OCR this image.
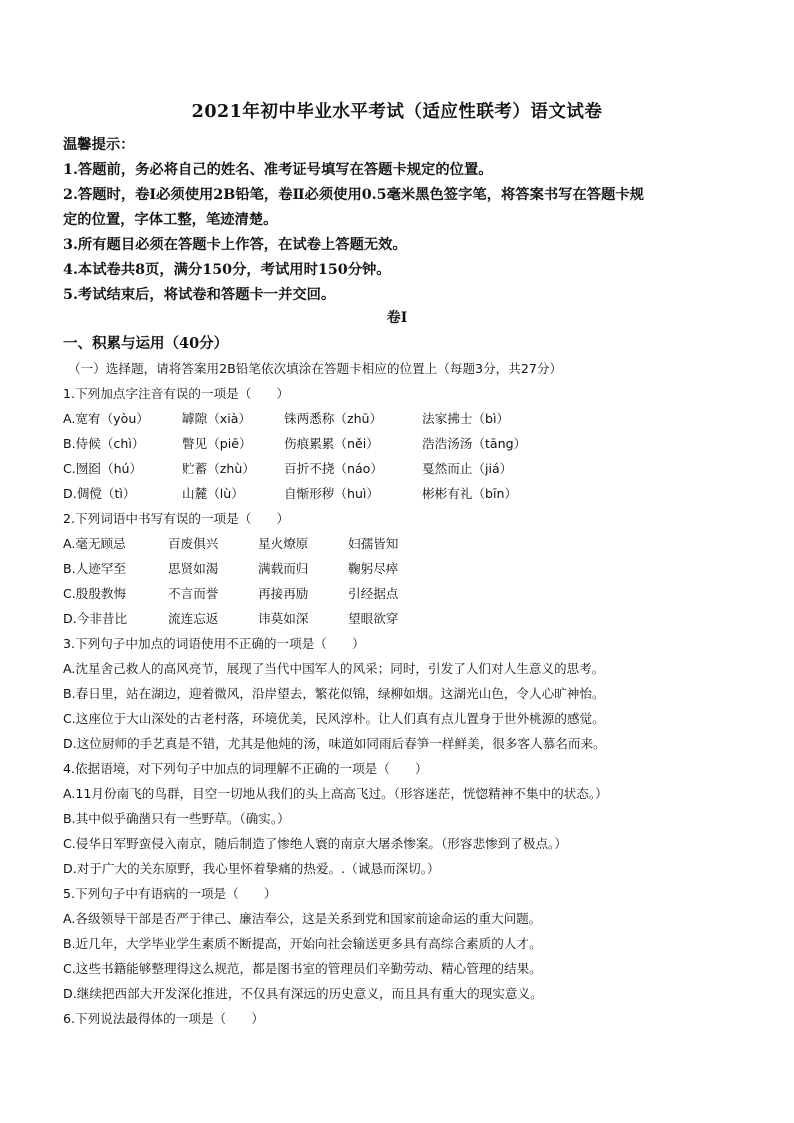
2021年初中毕业水平考试（适应性联考）语文试卷
温馨提示：
1.答题前，务必将自己的姓名、准考证号填写在答题卡规定的位置。
2.答题时，卷Ⅰ必须使用2B铅笔，卷Ⅱ必须使用0.5毫米黑色签字笔，将答案书写在答题卡规
定的位置，字体工整，笔迹清楚。
3.所有题目必须在答题卡上作答，在试卷上答题无效。
4.本试卷共8页，满分150分，考试用时150分钟。
5.考试结束后，将试卷和答题卡一并交回。
卷Ⅰ
一、积累与运用（40分）
（一）选择题，请将答案用2B铅笔依次填涂在答题卡相应的位置上（每题3分，共27分）
1.下列加点字注音有误的一项是（　　）
A.宽宥（yòu）	罅隙（xià）	铢两悉称（zhū）	法家拂士（bì）
B.侍候（chì）	瞥见（piē）	伤痕累累（něi）	浩浩汤汤（tāng）
C.囫囵（hú）	贮蓄（zhù） 百折不挠（náo）	戛然而止（jiá）
D.倜傥（tì）	山麓（lù）	自惭形秽（huì）	彬彬有礼（bīn）
2.下列词语中书写有误的一项是（　　）
A.毫无顾忌	百废俱兴	星火燎原	妇孺皆知
B.人迹罕至	思贤如渴	满载而归	鞠躬尽瘁
C.殷殷教悔	不言而誉	再接再励	引经据点
D.今非昔比	流连忘返	讳莫如深	望眼欲穿
3.下列句子中加点的词语使用不正确的一项是（　　）
A.沈星舍己救人的高风亮节，展现了当代中国军人的风采；同时，引发了人们对人生意义的思考。
B.春日里，站在湖边，迎着微风，沿岸望去，繁花似锦，绿柳如烟。这湖光山色，令人心旷神怡。
C.这座位于大山深处的古老村落，环境优美，民风淳朴。让人们真有点儿置身于世外桃源的感觉。
D.这位厨师的手艺真是不错，尤其是他炖的汤，味道如同雨后春笋一样鲜美，很多客人慕名而来。
4.依据语境，对下列句子中加点的词理解不正确的一项是（　　）
A.11月份南飞的鸟群，目空一切地从我们的头上高高飞过。（形容迷茫，恍惚精神不集中的状态。）
B.其中似乎确凿只有一些野草。（确实。）
C.侵华日军野蛮侵入南京，随后制造了惨绝人寰的南京大屠杀惨案。（形容悲惨到了极点。）
D.对于广大的关东原野，我心里怀着挚痛的热爱。.（诚恳而深切。）
5.下列句子中有语病的一项是（　　）
A.各级领导干部是否严于律己、廉洁奉公，这是关系到党和国家前途命运的重大问题。
B.近几年，大学毕业学生素质不断提高，开始向社会输送更多具有高综合素质的人才。
C.这些书籍能够整理得这么规范，都是图书室的管理员们辛勤劳动、精心管理的结果。
D.继续把西部大开发深化推进，不仅具有深远的历史意义，而且具有重大的现实意义。
6.下列说法最得体的一项是（　　）
